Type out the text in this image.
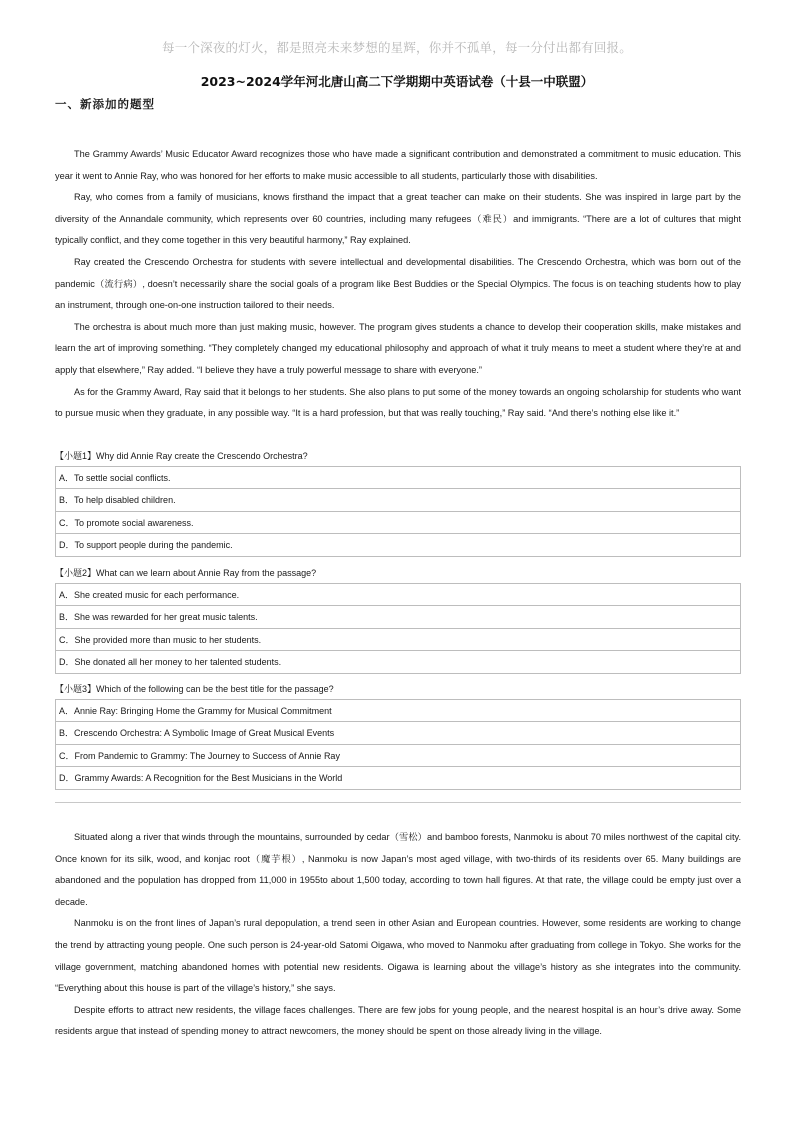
每一个深夜的灯火，都是照亮未来梦想的星辉，你并不孤单，每一分付出都有回报。
2023~2024学年河北唐山高二下学期期中英语试卷（十县一中联盟）
一、新添加的题型

The Grammy Awards’ Music Educator Award recognizes those who have made a significant contribution and demonstrated a commitment to music education. This year it went to Annie Ray, who was honored for her efforts to make music accessible to all students, particularly those with disabilities.

Ray, who comes from a family of musicians, knows firsthand the impact that a great teacher can make on their students. She was inspired in large part by the diversity of the Annandale community, which represents over 60 countries, including many refugees（难民）and immigrants. “There are a lot of cultures that might typically conflict, and they come together in this very beautiful harmony,” Ray explained.

Ray created the Crescendo Orchestra for students with severe intellectual and developmental disabilities. The Crescendo Orchestra, which was born out of the pandemic（流行病）, doesn’t necessarily share the social goals of a program like Best Buddies or the Special Olympics. The focus is on teaching students how to play an instrument, through one-on-one instruction tailored to their needs.

The orchestra is about much more than just making music, however. The program gives students a chance to develop their cooperation skills, make mistakes and learn the art of improving something. “They completely changed my educational philosophy and approach of what it truly means to meet a student where they’re at and apply that elsewhere,” Ray added. “I believe they have a truly powerful message to share with everyone.”

As for the Grammy Award, Ray said that it belongs to her students. She also plans to put some of the money towards an ongoing scholarship for students who want to pursue music when they graduate, in any possible way. “It is a hard profession, but that was really touching,” Ray said. “And there’s nothing else like it.”

【小题1】Why did Annie Ray create the Crescendo Orchestra?
A．To settle social conflicts.
B．To help disabled children.
C．To promote social awareness.
D．To support people during the pandemic.
【小题2】What can we learn about Annie Ray from the passage?
A．She created music for each performance.
B．She was rewarded for her great music talents.
C．She provided more than music to her students.
D．She donated all her money to her talented students.
【小题3】Which of the following can be the best title for the passage?
A．Annie Ray: Bringing Home the Grammy for Musical Commitment
B．Crescendo Orchestra: A Symbolic Image of Great Musical Events
C．From Pandemic to Grammy: The Journey to Success of Annie Ray
D．Grammy Awards: A Recognition for the Best Musicians in the World

Situated along a river that winds through the mountains, surrounded by cedar（雪松）and bamboo forests, Nanmoku is about 70 miles northwest of the capital city. Once known for its silk, wood, and konjac root（魔芋根）, Nanmoku is now Japan’s most aged village, with two-thirds of its residents over 65. Many buildings are abandoned and the population has dropped from 11,000 in 1955to about 1,500 today, according to town hall figures. At that rate, the village could be empty just over a decade.

Nanmoku is on the front lines of Japan’s rural depopulation, a trend seen in other Asian and European countries. However, some residents are working to change the trend by attracting young people. One such person is 24-year-old Satomi Oigawa, who moved to Nanmoku after graduating from college in Tokyo. She works for the village government, matching abandoned homes with potential new residents. Oigawa is learning about the village’s history as she integrates into the community. “Everything about this house is part of the village’s history,” she says.

Despite efforts to attract new residents, the village faces challenges. There are few jobs for young people, and the nearest hospital is an hour’s drive away. Some residents argue that instead of spending money to attract newcomers, the money should be spent on those already living in the village.
